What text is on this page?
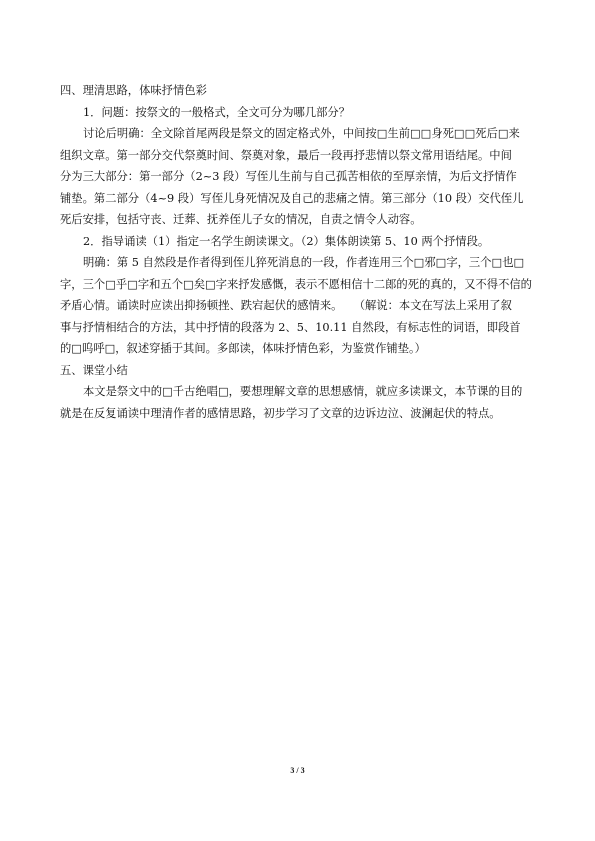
四、理清思路，体味抒情色彩
1．问题：按祭文的一般格式，全文可分为哪几部分？
讨论后明确：全文除首尾两段是祭文的固定格式外，中间按□生前□□身死□□死后□来
组织文章。第一部分交代祭奠时间、祭奠对象，最后一段再抒悲情以祭文常用语结尾。中间
分为三大部分：第一部分（2~3 段）写侄儿生前与自己孤苦相依的至厚亲情，为后文抒情作
铺垫。第二部分（4~9 段）写侄儿身死情况及自己的悲痛之情。第三部分（10 段）交代侄儿
死后安排，包括守丧、迁葬、抚养侄儿子女的情况，自责之情令人动容。
2．指导诵读（1）指定一名学生朗读课文。（2）集体朗读第 5、10 两个抒情段。
明确：第 5 自然段是作者得到侄儿猝死消息的一段，作者连用三个□邪□字，三个□也□
字，三个□乎□字和五个□矣□字来抒发感慨，表示不愿相信十二郎的死的真的，又不得不信的
矛盾心情。诵读时应读出抑扬顿挫、跌宕起伏的感情来。　　（解说：本文在写法上采用了叙
事与抒情相结合的方法，其中抒情的段落为 2、5、10.11 自然段，有标志性的词语，即段首
的□呜呼□，叙述穿插于其间。多郎读，体味抒情色彩，为鉴赏作铺垫。）
五、课堂小结
本文是祭文中的□千古绝唱□，要想理解文章的思想感情，就应多读课文，本节课的目的
就是在反复诵读中理清作者的感情思路，初步学习了文章的边诉边泣、波澜起伏的特点。
3 / 3
